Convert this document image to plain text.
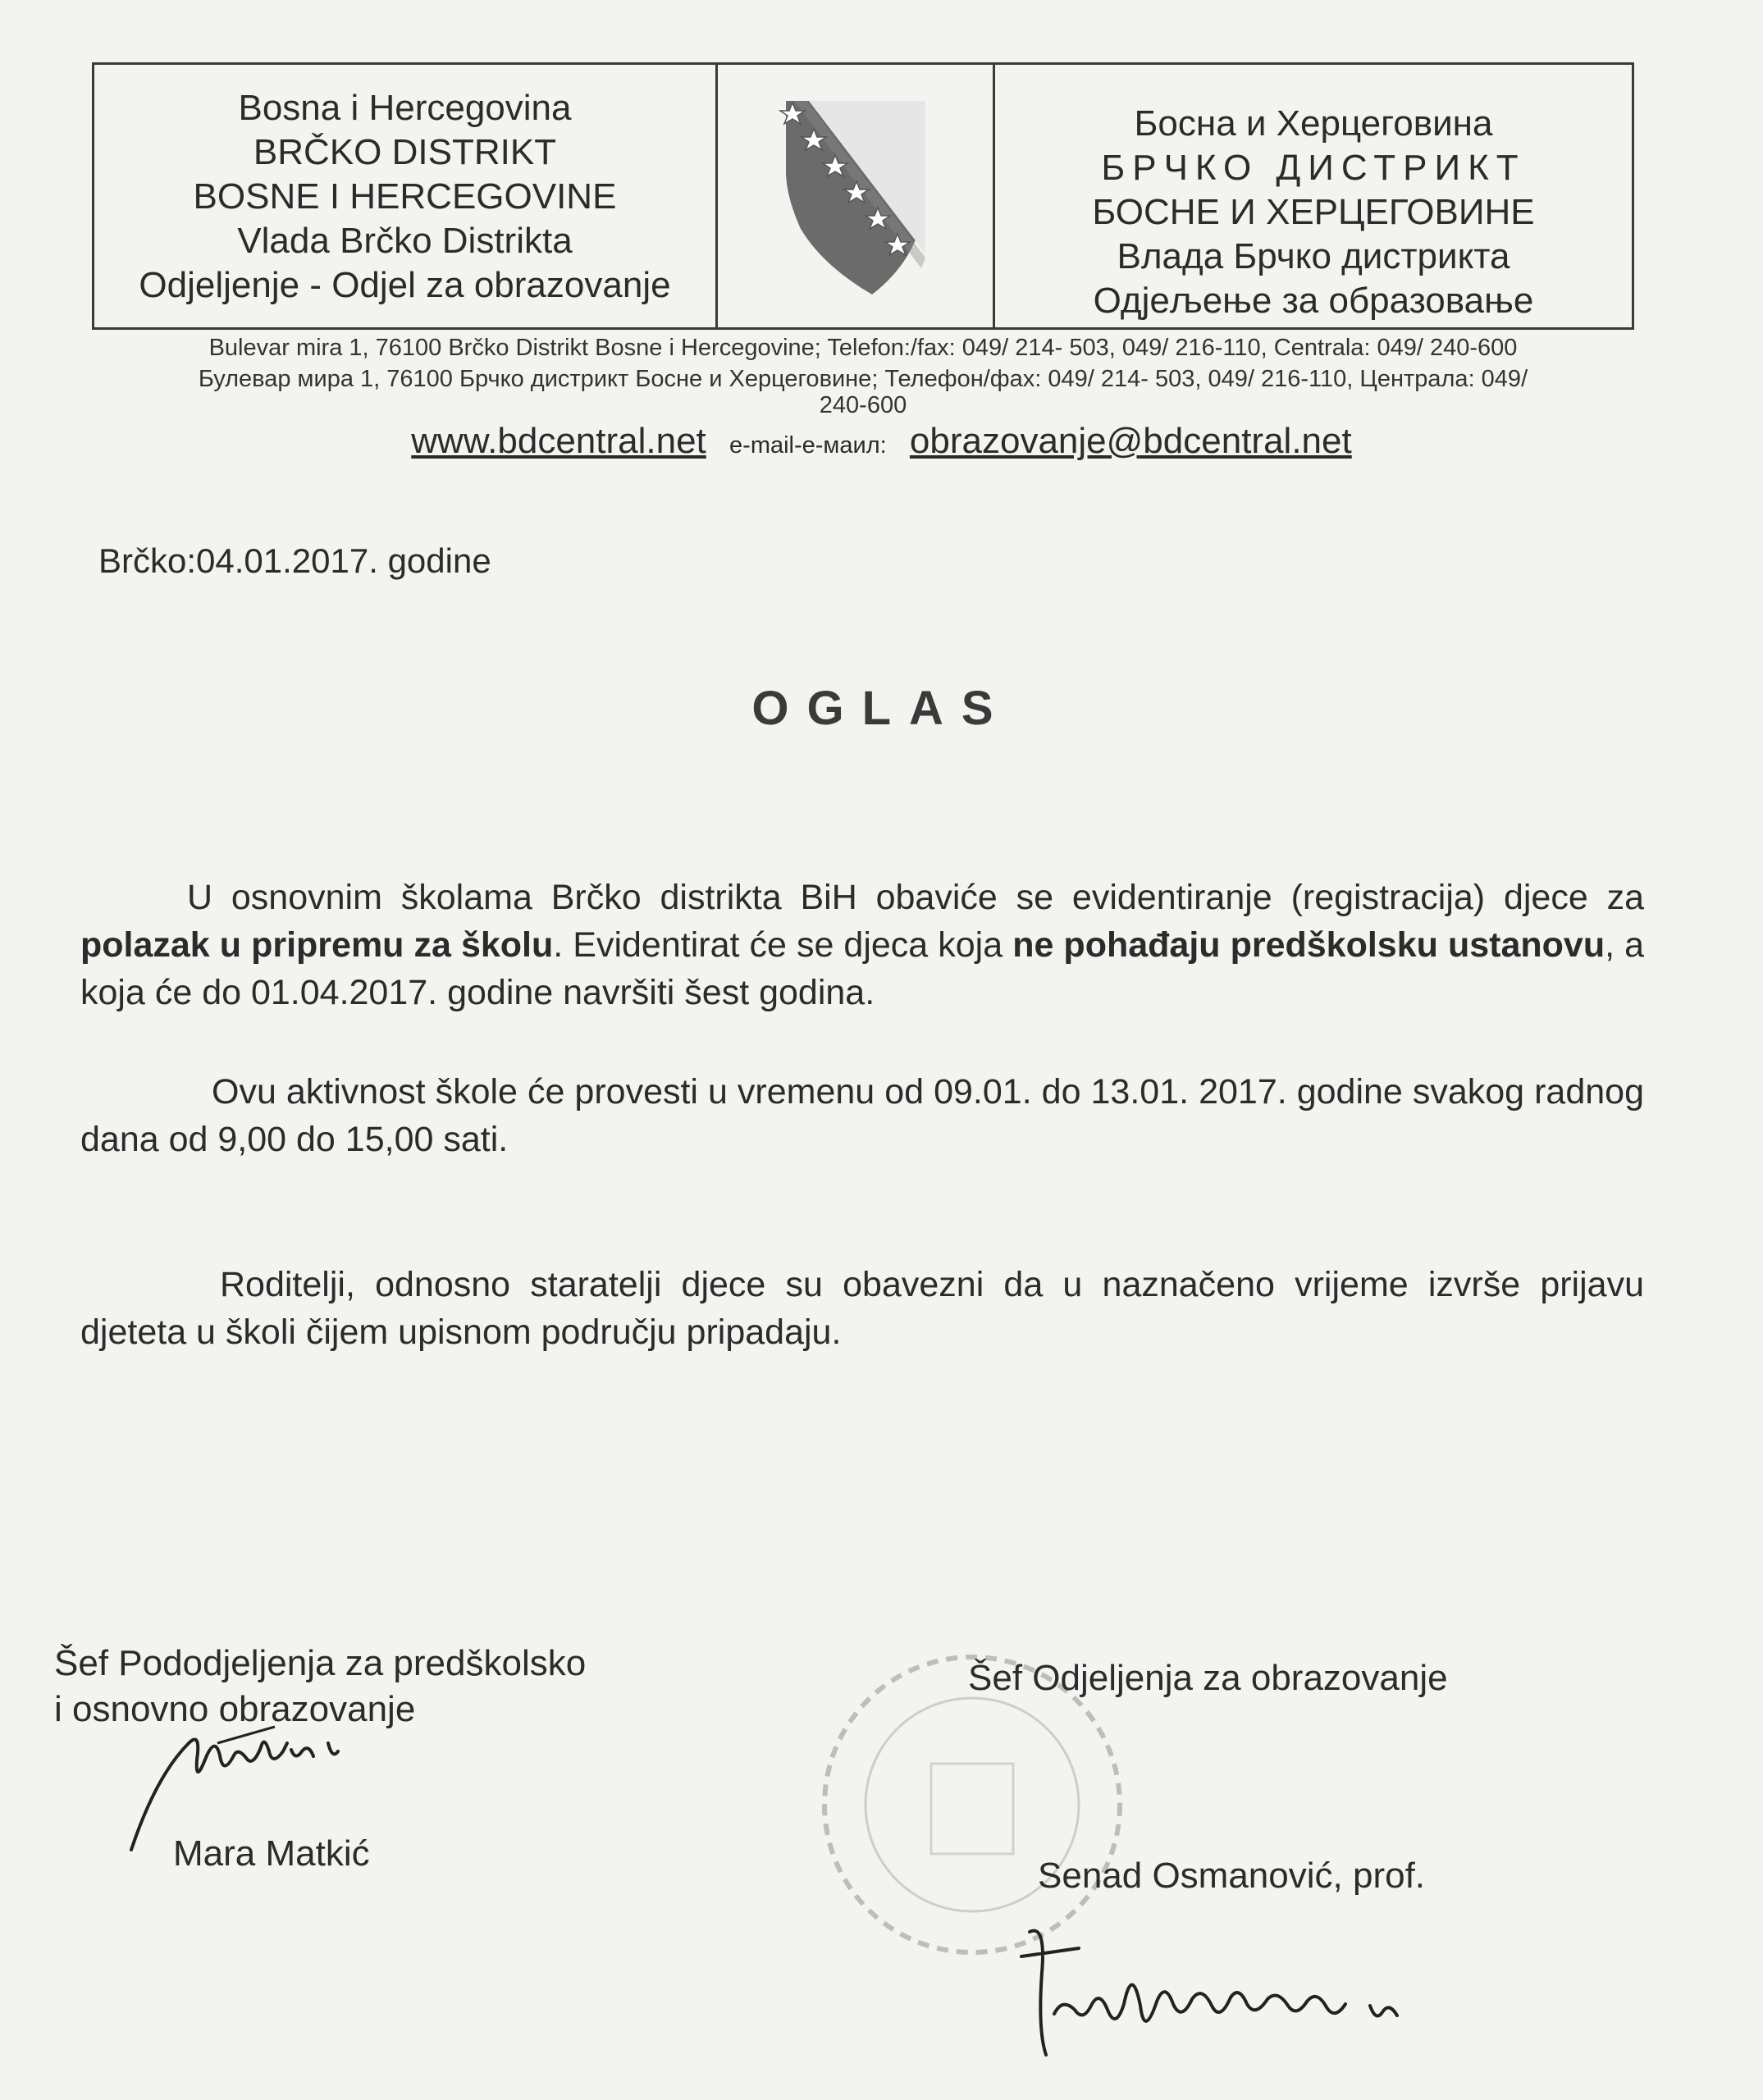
Bosna i Hercegovina
BRČKO DISTRIKT
BOSNE I HERCEGOVINE
Vlada Brčko Distrikta
Odjeljenje - Odjel za obrazovanje
Босна и Херцеговина
БРЧКО ДИСТРИКТ
БОСНЕ И ХЕРЦЕГОВИНЕ
Влада Брчко дистрикта
Одјељење за образовање
Bulevar mira 1, 76100 Brčko Distrikt Bosne i Hercegovine; Telefon:/fax: 049/ 214- 503, 049/ 216-110, Centrala: 049/ 240-600
Булевар мира 1, 76100 Брчко дистрикт Босне и Херцеговине; Телефон/фах: 049/ 214- 503, 049/ 216-110, Централа: 049/
240-600
www.bdcentral.net e-mail-е-маил: obrazovanje@bdcentral.net
Brčko:04.01.2017. godine
OGLAS
U osnovnim školama Brčko distrikta BiH obaviće se evidentiranje (registracija) djece za polazak u pripremu za školu. Evidentirat će se djeca koja ne pohađaju predškolsku ustanovu, a koja će do 01.04.2017. godine navršiti šest godina.
Ovu aktivnost škole će provesti u vremenu od 09.01. do 13.01. 2017. godine svakog radnog dana od 9,00 do 15,00 sati.
Roditelji, odnosno staratelji djece su obavezni da u naznačeno vrijeme izvrše prijavu djeteta u školi čijem upisnom području pripadaju.
Šef Pododjeljenja za predškolsko
i osnovno obrazovanje
Mara Matkić
Šef Odjeljenja za obrazovanje
Senad Osmanović, prof.
